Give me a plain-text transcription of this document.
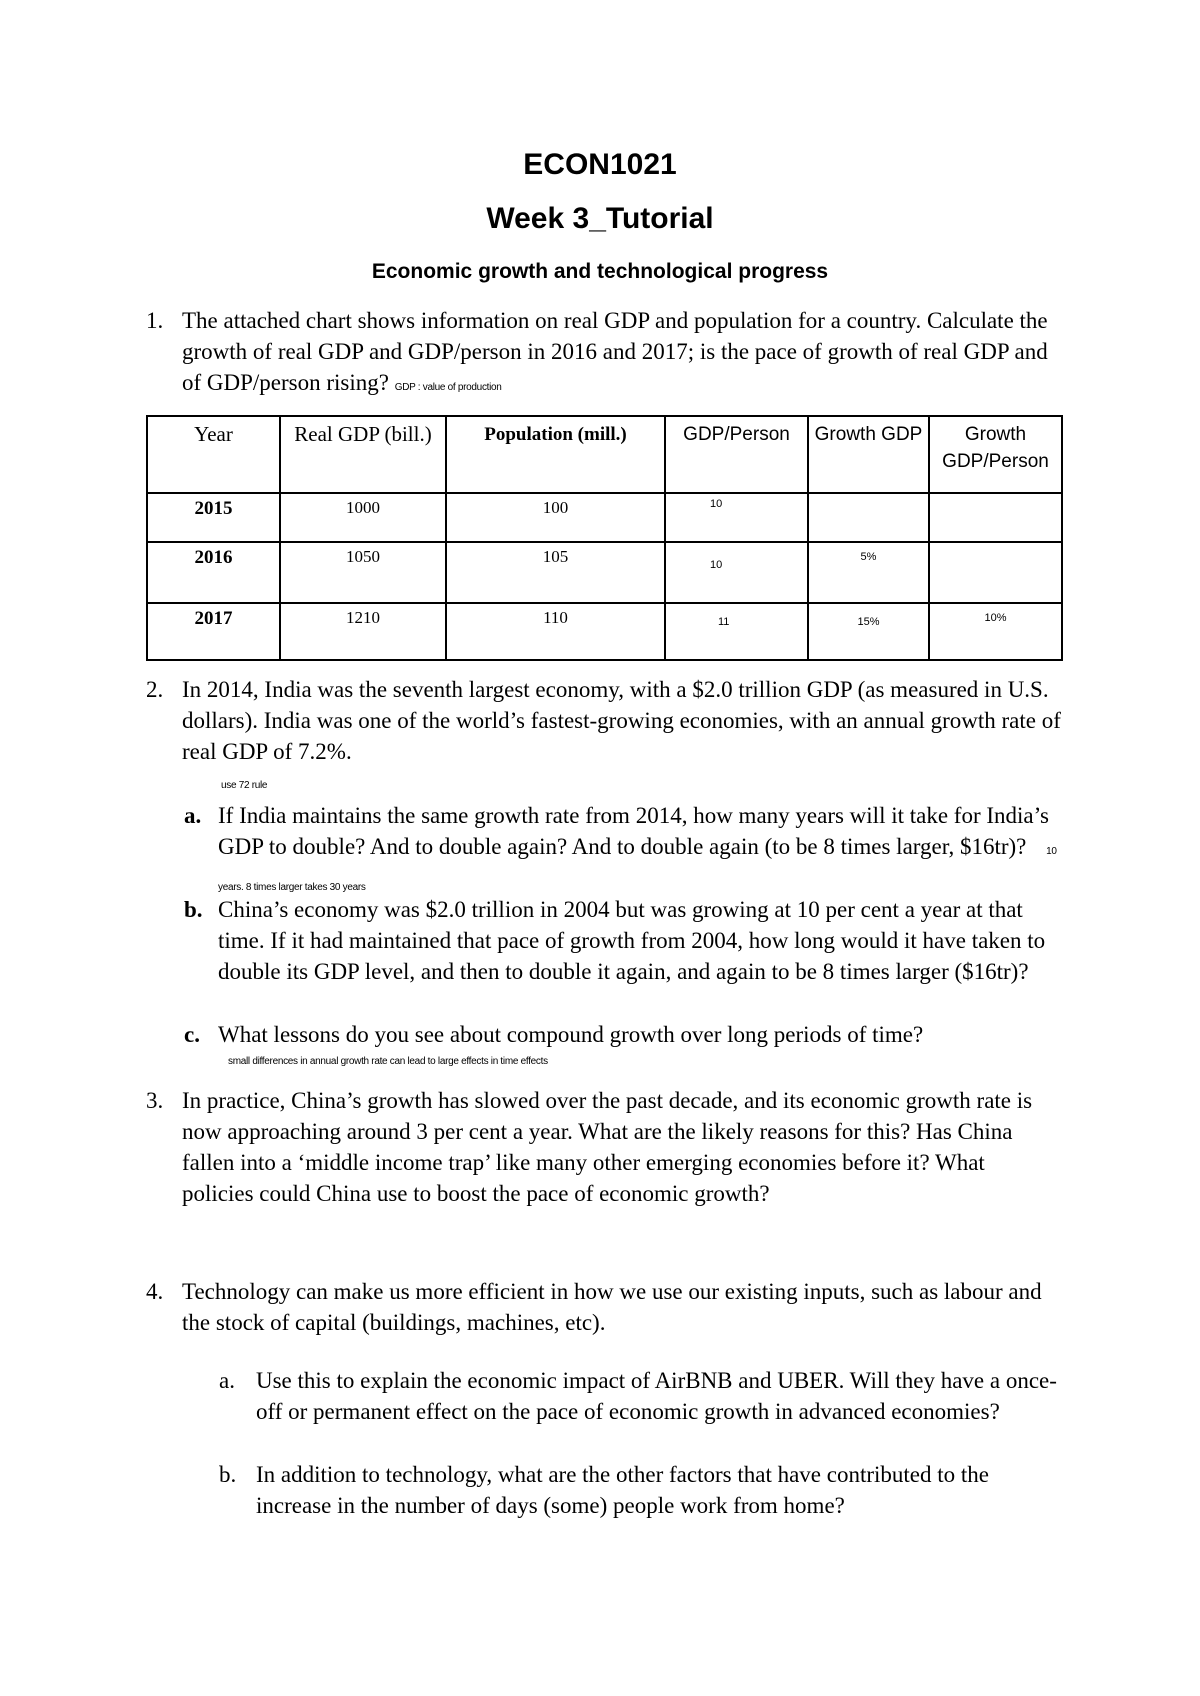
ECON1021
Week 3_Tutorial
Economic growth and technological progress
1. The attached chart shows information on real GDP and population for a country. Calculate the growth of real GDP and GDP/person in 2016 and 2017; is the pace of growth of real GDP and of GDP/person rising? GDP : value of production
Year	Real GDP (bill.)	Population (mill.)	GDP/Person	Growth GDP	Growth GDP/Person
2015	1000	100	10		
2016	1050	105	10	5%	
2017	1210	110	11	15%	10%
2. In 2014, India was the seventh largest economy, with a $2.0 trillion GDP (as measured in U.S. dollars). India was one of the world’s fastest-growing economies, with an annual growth rate of real GDP of 7.2%.
use 72 rule
a. If India maintains the same growth rate from 2014, how many years will it take for India’s GDP to double? And to double again? And to double again (to be 8 times larger, $16tr)? 10 years. 8 times larger takes 30 years
b. China’s economy was $2.0 trillion in 2004 but was growing at 10 per cent a year at that time. If it had maintained that pace of growth from 2004, how long would it have taken to double its GDP level, and then to double it again, and again to be 8 times larger ($16tr)?
c. What lessons do you see about compound growth over long periods of time?
small differences in annual growth rate can lead to large effects in time effects
3. In practice, China’s growth has slowed over the past decade, and its economic growth rate is now approaching around 3 per cent a year. What are the likely reasons for this? Has China fallen into a ‘middle income trap’ like many other emerging economies before it? What policies could China use to boost the pace of economic growth?
4. Technology can make us more efficient in how we use our existing inputs, such as labour and the stock of capital (buildings, machines, etc).
a. Use this to explain the economic impact of AirBNB and UBER. Will they have a once-off or permanent effect on the pace of economic growth in advanced economies?
b. In addition to technology, what are the other factors that have contributed to the increase in the number of days (some) people work from home?
